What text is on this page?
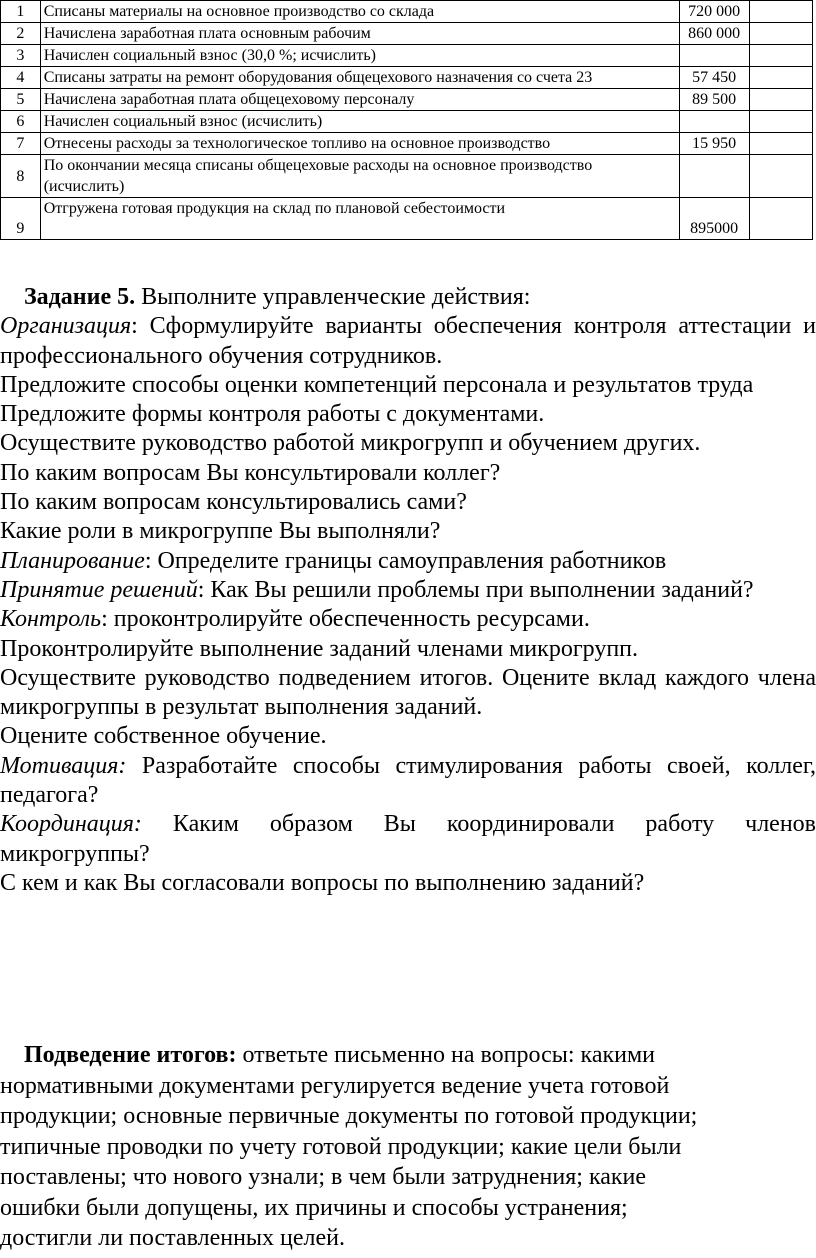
1	Списаны материалы на основное производство со склада	720 000	
2	Начислена заработная плата основным рабочим	860 000	
3	Начислен социальный взнос (30,0 %; исчислить)		
4	Списаны затраты на ремонт оборудования общецехового назначения со счета 23	57 450	
5	Начислена заработная плата общецеховому персоналу	89 500	
6	Начислен социальный взнос (исчислить)		
7	Отнесены расходы за технологическое топливо на основное производство	15 950	
8	По окончании месяца списаны общецеховые расходы на основное производство (исчислить)		
9	Отгружена готовая продукция на склад по плановой себестоимости	895000	

Задание 5. Выполните управленческие действия:

Организация: Сформулируйте варианты обеспечения контроля аттестации и профессионального обучения сотрудников.

Предложите способы оценки компетенций персонала и результатов труда

Предложите формы контроля работы с документами.

Осуществите руководство работой микрогрупп и обучением других.

По каким вопросам Вы консультировали коллег?

По каким вопросам консультировались сами?

Какие роли в микрогруппе Вы выполняли?

Планирование: Определите границы самоуправления работников

Принятие решений: Как Вы решили проблемы при выполнении заданий?

Контроль: проконтролируйте обеспеченность ресурсами.

Проконтролируйте выполнение заданий членами микрогрупп.

Осуществите руководство подведением итогов. Оцените вклад каждого члена микрогруппы в результат выполнения заданий.

Оцените собственное обучение.

Мотивация: Разработайте способы стимулирования работы своей, коллег, педагога?

Координация: Каким образом Вы координировали работу членов микрогруппы?

С кем и как Вы согласовали вопросы по выполнению заданий?

Подведение итогов: ответьте письменно на вопросы: какими

нормативными документами регулируется ведение учета готовой

продукции; основные первичные документы по готовой продукции;

типичные проводки по учету готовой продукции; какие цели были

поставлены; что нового узнали; в чем были затруднения; какие

ошибки были допущены, их причины и способы устранения;

достигли ли поставленных целей.
